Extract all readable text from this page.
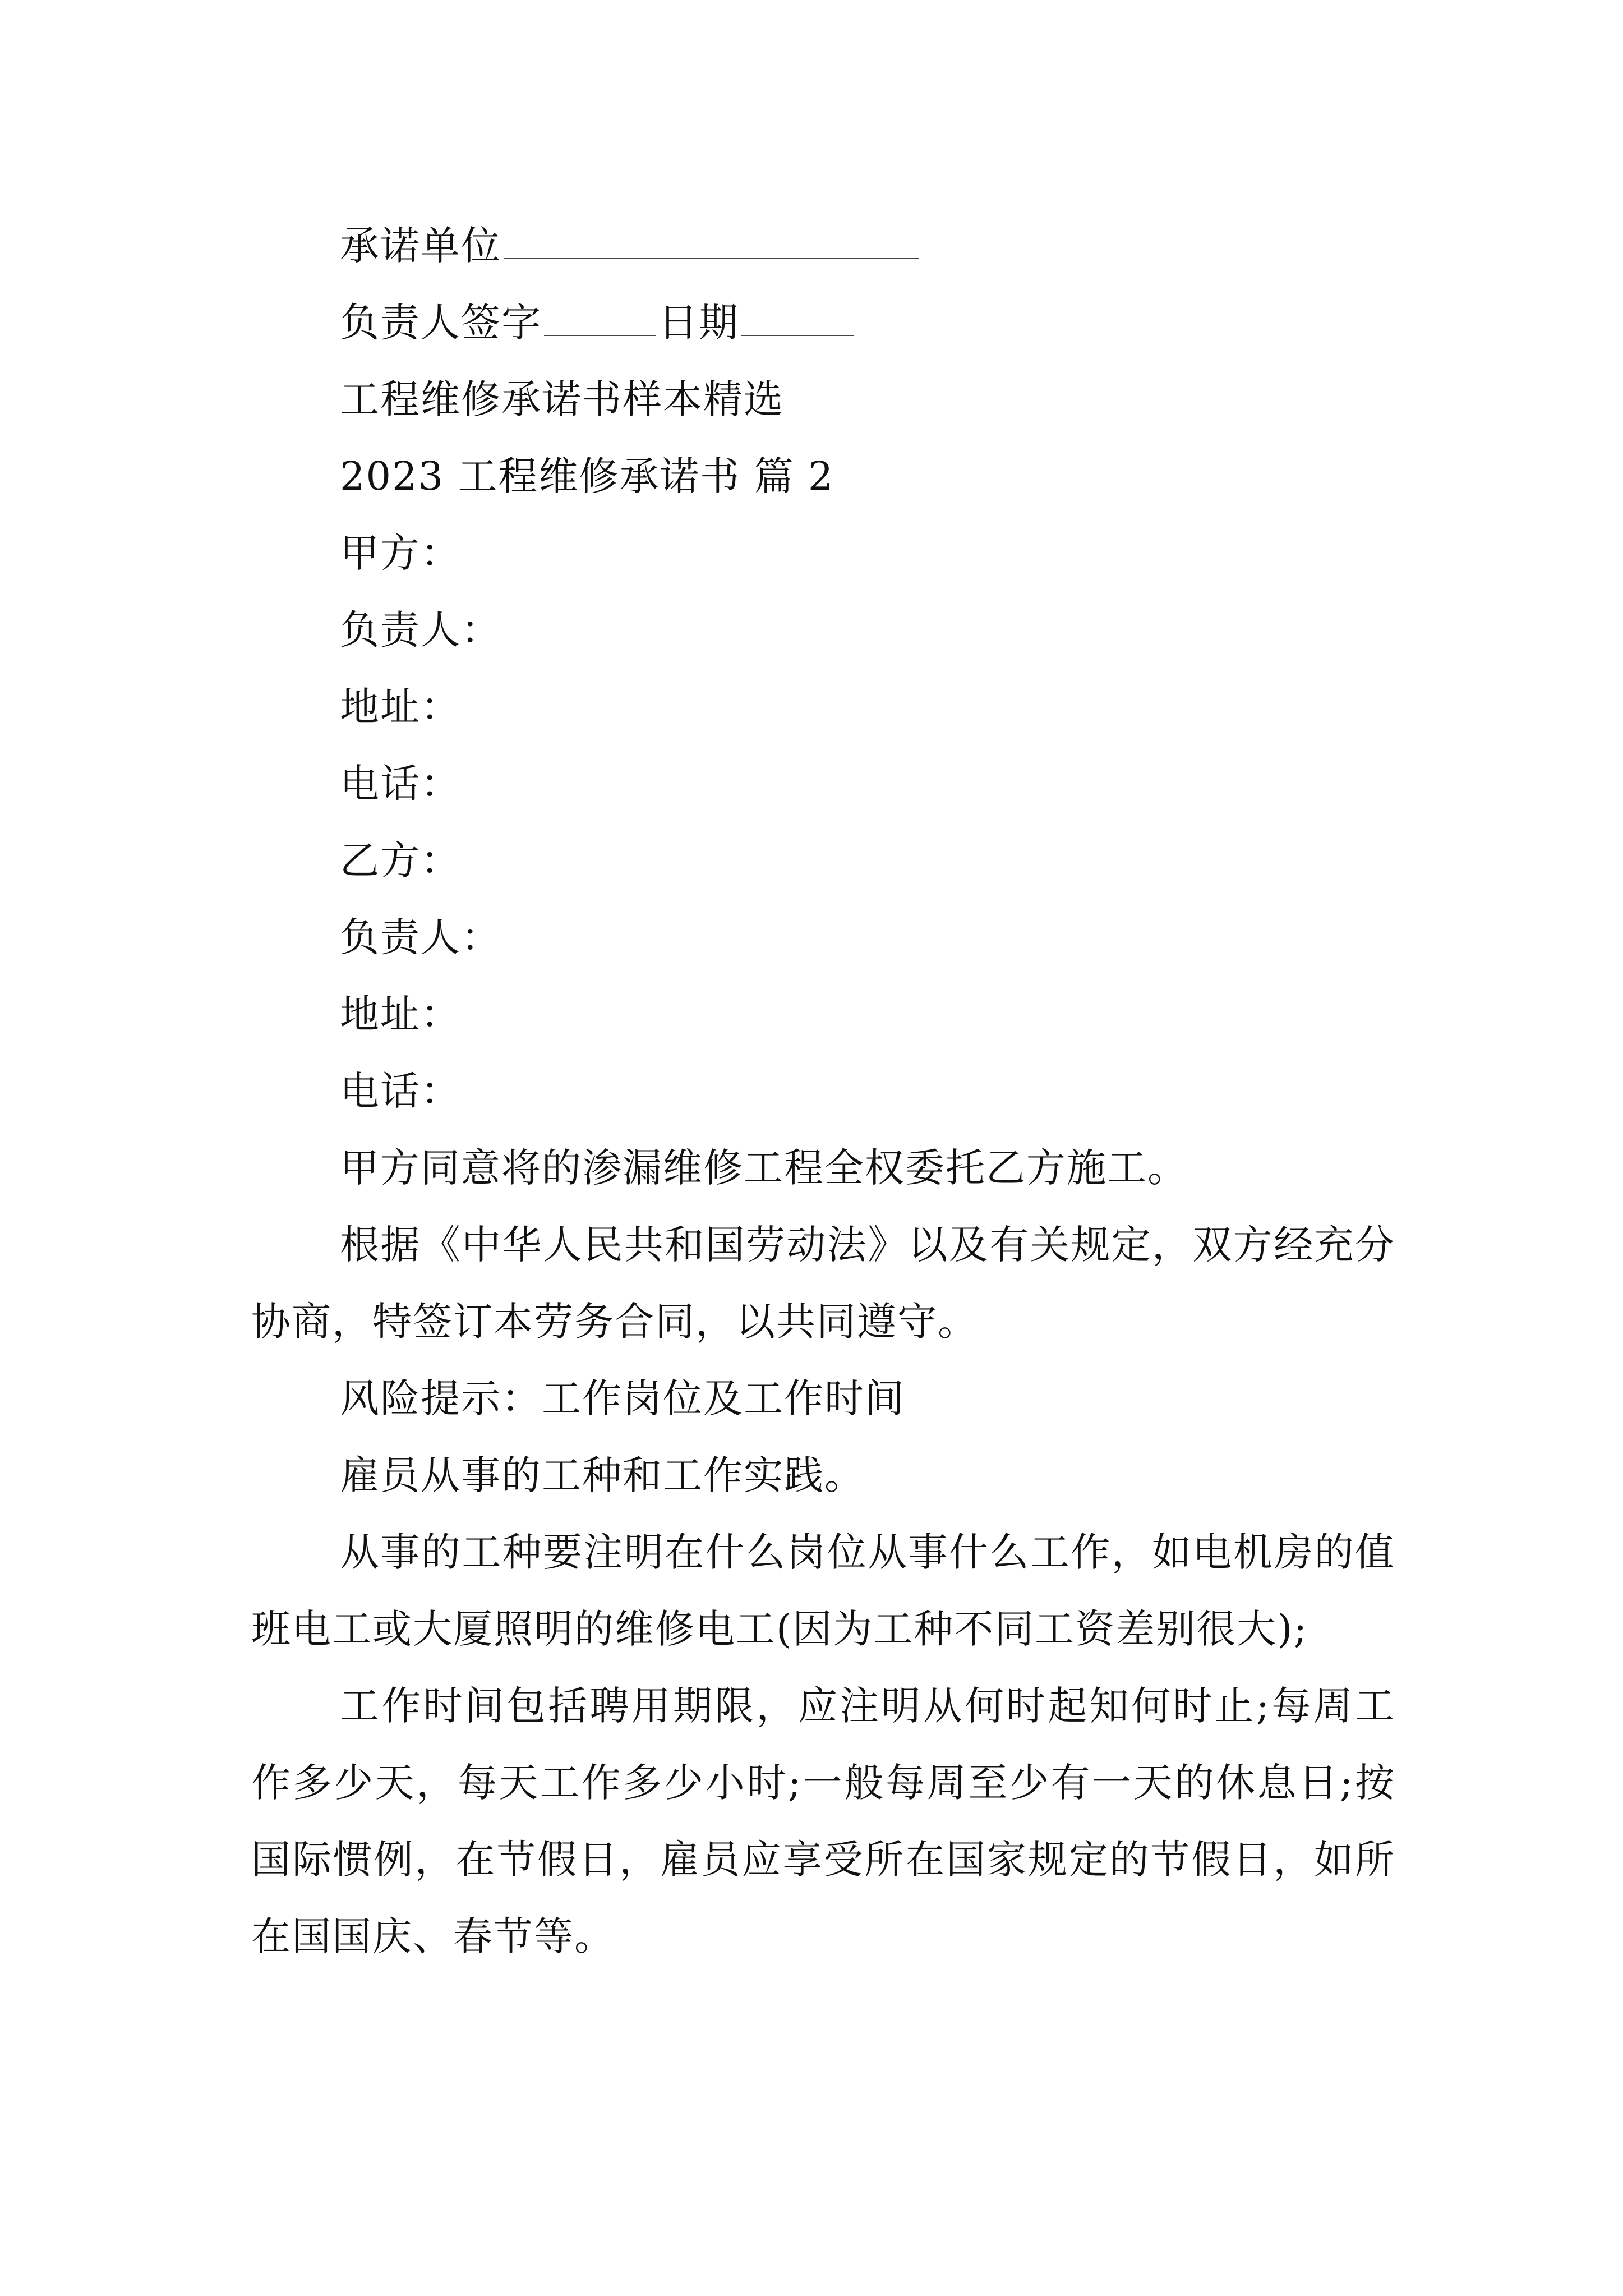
承诺单位
负责人签字	日期
工程维修承诺书样本精选
2023 工程维修承诺书 篇 2
甲方：
负责人：
地址：
电话：
乙方：
负责人：
地址：
电话：
甲方同意将的渗漏维修工程全权委托乙方施工。
根据《中华人民共和国劳动法》以及有关规定，双方经充分协商，特签订本劳务合同，以共同遵守。
风险提示：工作岗位及工作时间
雇员从事的工种和工作实践。
从事的工种要注明在什么岗位从事什么工作，如电机房的值班电工或大厦照明的维修电工(因为工种不同工资差别很大);
工作时间包括聘用期限，应注明从何时起知何时止;每周工作多少天，每天工作多少小时;一般每周至少有一天的休息日;按国际惯例，在节假日，雇员应享受所在国家规定的节假日，如所在国国庆、春节等。
